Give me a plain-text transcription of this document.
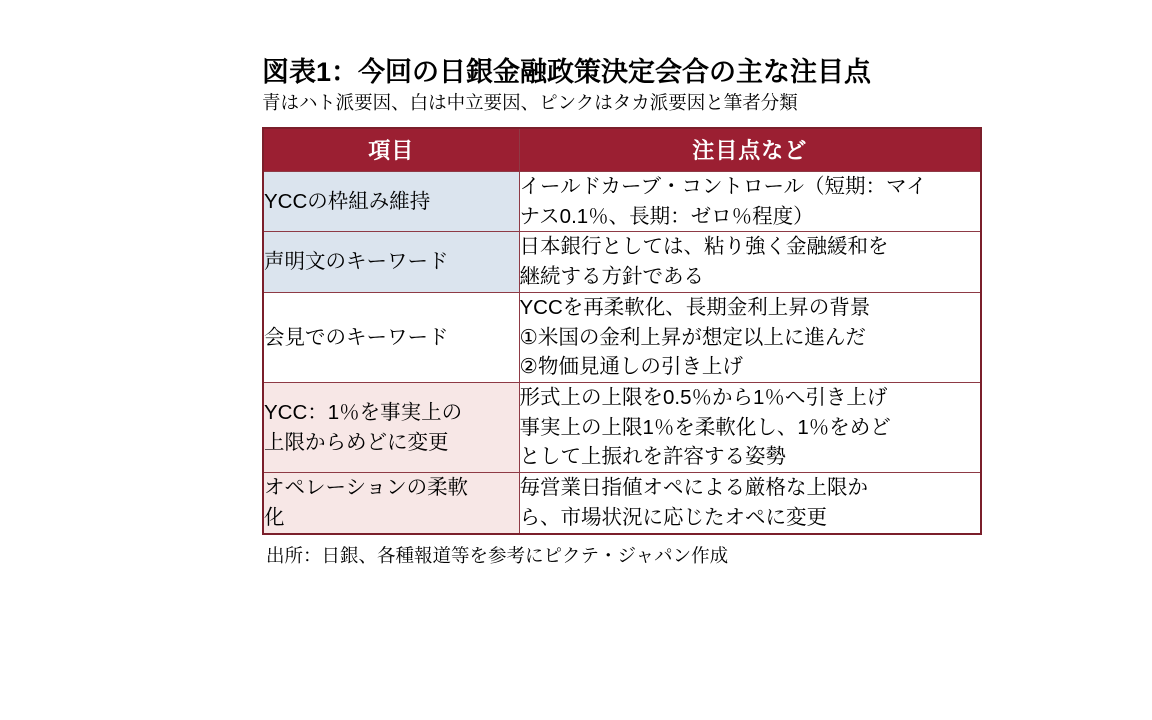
図表1：今回の日銀金融政策決定会合の主な注目点
青はハト派要因、白は中立要因、ピンクはタカ派要因と筆者分類
項目	注目点など

YCCの枠組み維持	イールドカーブ・コントロール（短期：マイ
ナス0.1％、長期：ゼロ％程度）

声明文のキーワード	日本銀行としては、粘り強く金融緩和を
継続する方針である

会見でのキーワード	YCCを再柔軟化、長期金利上昇の背景
①米国の金利上昇が想定以上に進んだ
②物価見通しの引き上げ

YCC：1％を事実上の
上限からめどに変更	形式上の上限を0.5％から1％へ引き上げ
事実上の上限1％を柔軟化し、1％をめど
として上振れを許容する姿勢

オペレーションの柔軟
化	毎営業日指値オペによる厳格な上限か
ら、市場状況に応じたオペに変更
出所：日銀、各種報道等を参考にピクテ・ジャパン作成
